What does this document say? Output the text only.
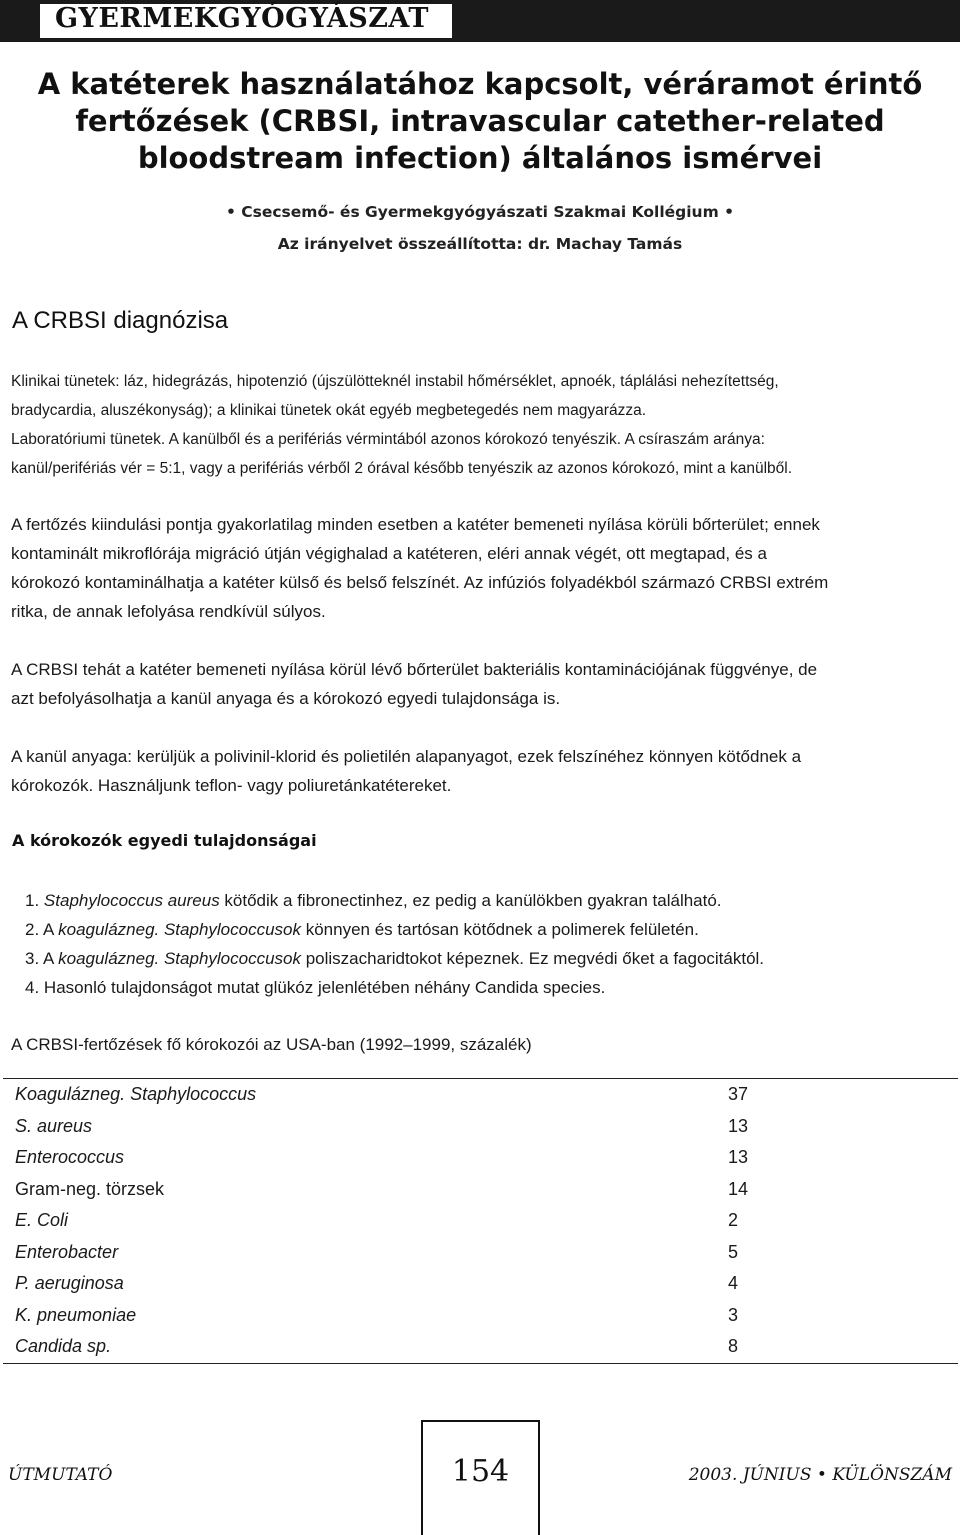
GYERMEKGYÓGYÁSZAT
A katéterek használatához kapcsolt, véráramot érintő
fertőzések (CRBSI, intravascular catether-related
bloodstream infection) általános ismérvei
• Csecsemő- és Gyermekgyógyászati Szakmai Kollégium •
Az irányelvet összeállította: dr. Machay Tamás
A CRBSI diagnózisa
Klinikai tünetek: láz, hidegrázás, hipotenzió (újszülötteknél instabil hőmérséklet, apnoék, táplálási nehezítettség,
bradycardia, aluszékonyság); a klinikai tünetek okát egyéb megbetegedés nem magyarázza.
Laboratóriumi tünetek. A kanülből és a perifériás vérmintából azonos kórokozó tenyészik. A csíraszám aránya:
kanül/perifériás vér = 5:1, vagy a perifériás vérből 2 órával később tenyészik az azonos kórokozó, mint a kanülből.
A fertőzés kiindulási pontja gyakorlatilag minden esetben a katéter bemeneti nyílása körüli bőrterület; ennek
kontaminált mikroflórája migráció útján végighalad a katéteren, eléri annak végét, ott megtapad, és a
kórokozó kontaminálhatja a katéter külső és belső felszínét. Az infúziós folyadékból származó CRBSI extrém
ritka, de annak lefolyása rendkívül súlyos.
A CRBSI tehát a katéter bemeneti nyílása körül lévő bőrterület bakteriális kontaminációjának függvénye, de
azt befolyásolhatja a kanül anyaga és a kórokozó egyedi tulajdonsága is.
A kanül anyaga: kerüljük a polivinil-klorid és polietilén alapanyagot, ezek felszínéhez könnyen kötődnek a
kórokozók. Használjunk teflon- vagy poliuretánkatétereket.
A kórokozók egyedi tulajdonságai
1. Staphylococcus aureus kötődik a fibronectinhez, ez pedig a kanülökben gyakran található.
2. A koagulázneg. Staphylococcusok könnyen és tartósan kötődnek a polimerek felületén.
3. A koagulázneg. Staphylococcusok poliszacharidtokot képeznek. Ez megvédi őket a fagocitáktól.
4. Hasonló tulajdonságot mutat glükóz jelenlétében néhány Candida species.
A CRBSI-fertőzések fő kórokozói az USA-ban (1992–1999, százalék)
Koagulázneg. Staphylococcus	37
S. aureus	13
Enterococcus	13
Gram-neg. törzsek	14
E. Coli	2
Enterobacter	5
P. aeruginosa	4
K. pneumoniae	3
Candida sp.	8
ÚTMUTATÓ	154	2003. JÚNIUS • KÜLÖNSZÁM
